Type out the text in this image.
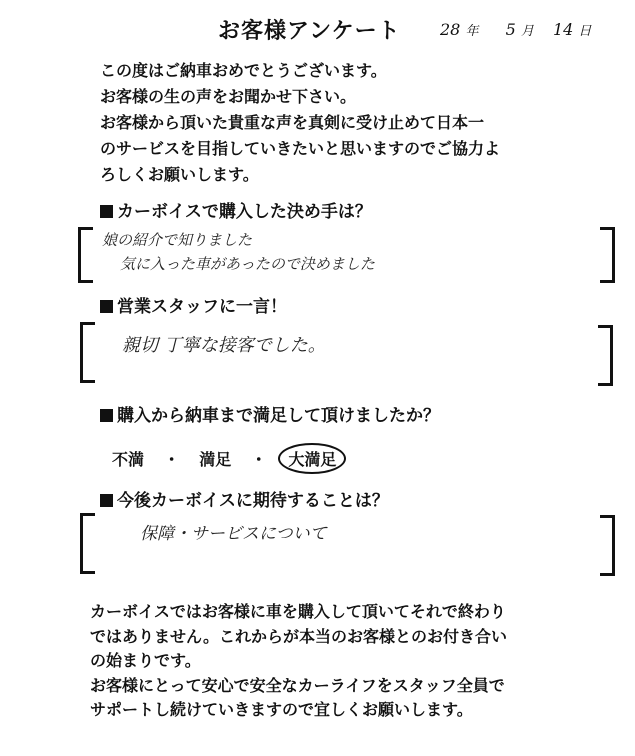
お客様アンケート 28 年 5 月 14 日

この度はご納車おめでとうございます。

お客様の生の声をお聞かせ下さい。

お客様から頂いた貴重な声を真剣に受け止めて日本一

のサービスを目指していきたいと思いますのでご協力よ

ろしくお願いします。

カーボイスで購入した決め手は？

娘の紹介で知りました

気に入った車があったので決めました

営業スタッフに一言！

親切 丁寧な接客でした。

購入から納車まで満足して頂けましたか？
不満 ・ 満足 ・ 大満足
今後カーボイスに期待することは？

保障・サービスについて

カーボイスではお客様に車を購入して頂いてそれで終わり

ではありません。これからが本当のお客様とのお付き合い

の始まりです。

お客様にとって安心で安全なカーライフをスタッフ全員で

サポートし続けていきますので宜しくお願いします。
